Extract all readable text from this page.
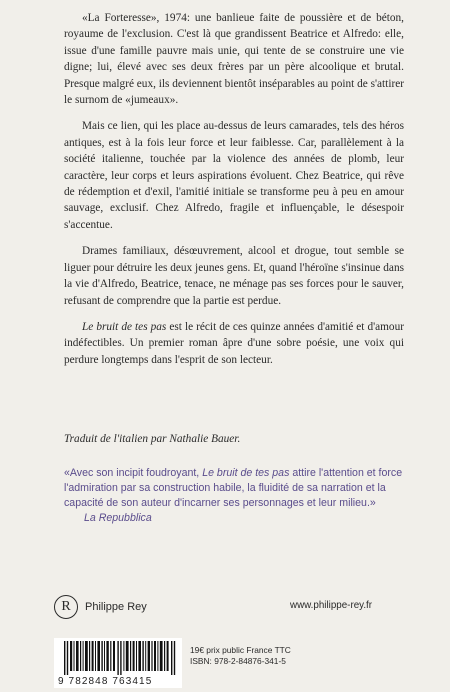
«La Forteresse», 1974: une banlieue faite de poussière et de béton, royaume de l'exclusion. C'est là que grandissent Beatrice et Alfredo: elle, issue d'une famille pauvre mais unie, qui tente de se construire une vie digne; lui, élevé avec ses deux frères par un père alcoolique et brutal. Presque malgré eux, ils deviennent bientôt inséparables au point de s'attirer le surnom de «jumeaux».

Mais ce lien, qui les place au-dessus de leurs camarades, tels des héros antiques, est à la fois leur force et leur faiblesse. Car, parallèlement à la société italienne, touchée par la violence des années de plomb, leur caractère, leur corps et leurs aspirations évoluent. Chez Beatrice, qui rêve de rédemption et d'exil, l'amitié initiale se transforme peu à peu en amour sauvage, exclusif. Chez Alfredo, fragile et influençable, le désespoir s'accentue.

Drames familiaux, désœuvrement, alcool et drogue, tout semble se liguer pour détruire les deux jeunes gens. Et, quand l'héroïne s'insinue dans la vie d'Alfredo, Beatrice, tenace, ne ménage pas ses forces pour le sauver, refusant de comprendre que la partie est perdue.

Le bruit de tes pas est le récit de ces quinze années d'amitié et d'amour indéfectibles. Un premier roman âpre d'une sobre poésie, une voix qui perdure longtemps dans l'esprit de son lecteur.

Traduit de l'italien par Nathalie Bauer.
«Avec son incipit foudroyant, Le bruit de tes pas attire l'attention et force l'admiration par sa construction habile, la fluidité de sa narration et la capacité de son auteur d'incarner ses personnages et leur milieu.»
La Repubblica
R Philippe Rey	www.philippe-rey.fr
9 782848 763415
19€ prix public France TTC
ISBN: 978-2-84876-341-5
